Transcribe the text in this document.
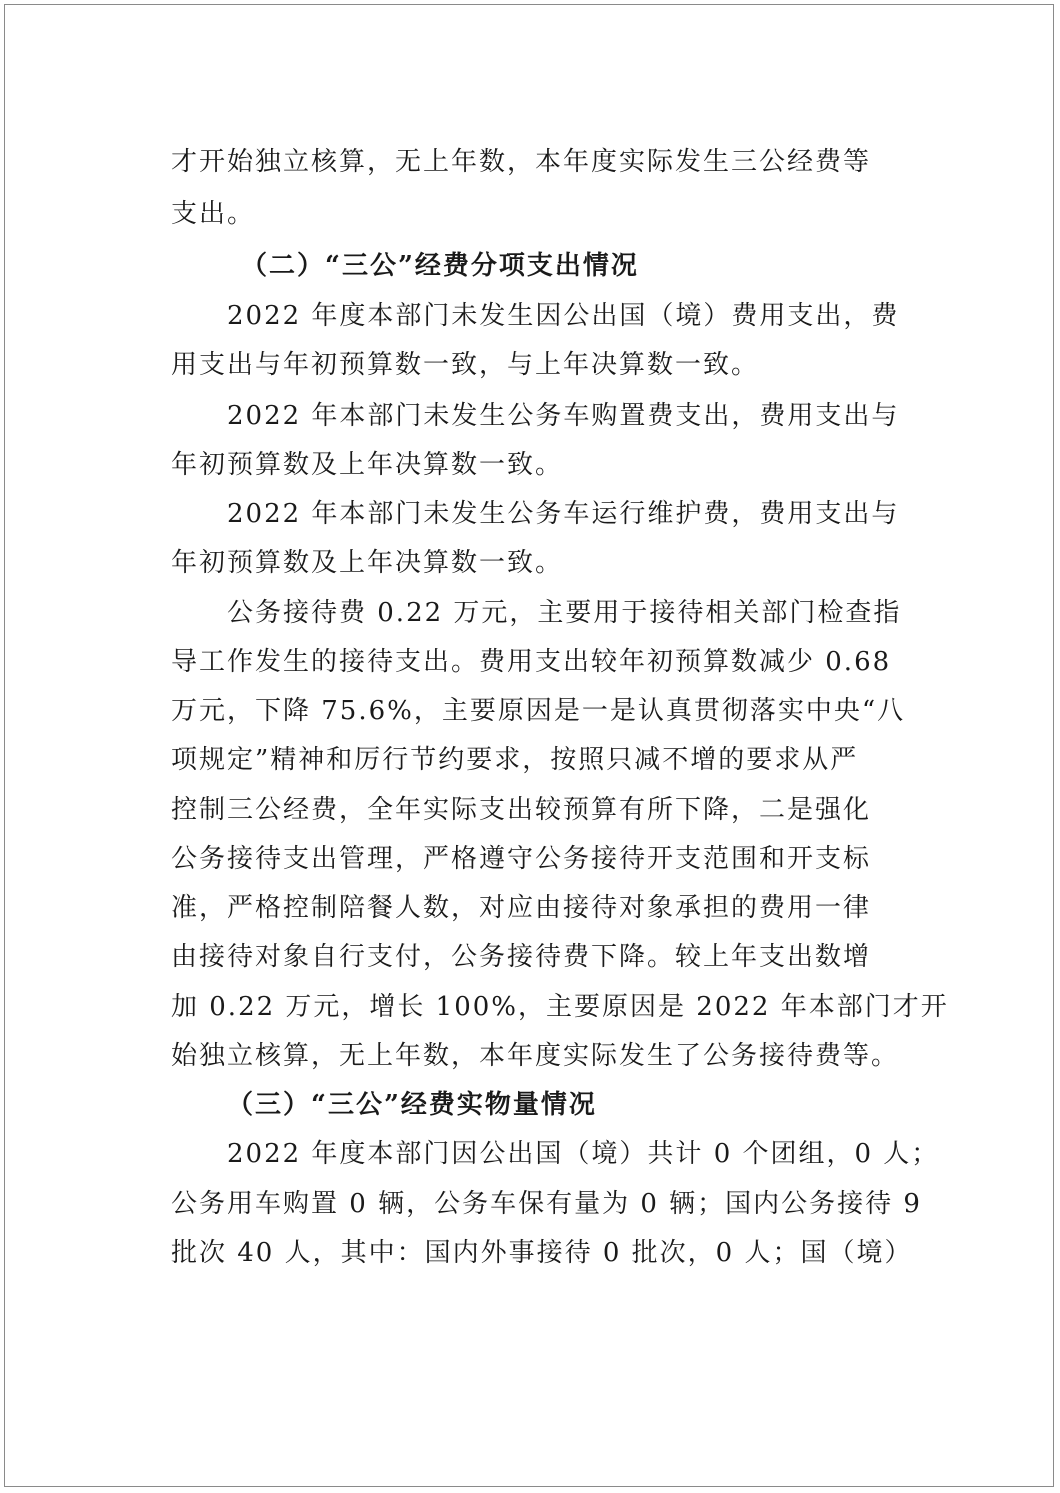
才开始独立核算，无上年数，本年度实际发生三公经费等
支出。
（二）“三公”经费分项支出情况
2022 年度本部门未发生因公出国（境）费用支出，费
用支出与年初预算数一致，与上年决算数一致。
2022 年本部门未发生公务车购置费支出，费用支出与
年初预算数及上年决算数一致。
2022 年本部门未发生公务车运行维护费，费用支出与
年初预算数及上年决算数一致。
公务接待费 0.22 万元，主要用于接待相关部门检查指
导工作发生的接待支出。费用支出较年初预算数减少 0.68
万元，下降 75.6%，主要原因是一是认真贯彻落实中央“八
项规定”精神和厉行节约要求，按照只减不增的要求从严
控制三公经费，全年实际支出较预算有所下降，二是强化
公务接待支出管理，严格遵守公务接待开支范围和开支标
准，严格控制陪餐人数，对应由接待对象承担的费用一律
由接待对象自行支付，公务接待费下降。较上年支出数增
加 0.22 万元，增长 100%，主要原因是 2022 年本部门才开
始独立核算，无上年数，本年度实际发生了公务接待费等。
（三）“三公”经费实物量情况
2022 年度本部门因公出国（境）共计 0 个团组，0 人；
公务用车购置 0 辆，公务车保有量为 0 辆；国内公务接待 9
批次 40 人，其中：国内外事接待 0 批次，0 人；国（境）
